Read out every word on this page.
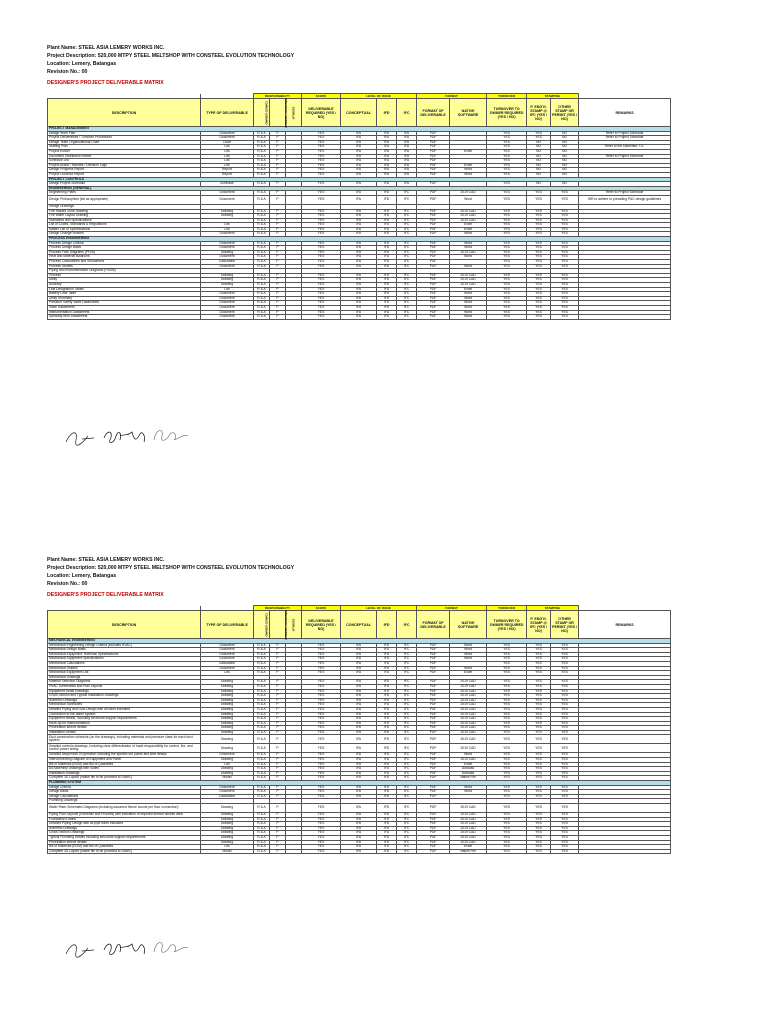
Plant Name: STEEL ASIA LEMERY WORKS INC.
Project Description: 520,000 MTPY STEEL MELTSHOP WITH CONSTEEL EVOLUTION TECHNOLOGY
Location: Lemery, Batangas
Revision No.: 00
DESIGNER'S PROJECT DELIVERABLE MATRIX
		RESPONSIBILITY			SCOPE	LEVEL OF ISSUE			FORMAT		TURNOVER	STAMPING		
DESCRIPTION	TYPE OF DELIVERABLE	OWNER (SAWC)	WINNING DESIGNER	OTHERS	DELIVERABLE REQUIRED (YES / NO)	CONCEPTUAL	IFD	IFC	FORMAT OF DELIVERABLE	NATIVE SOFTWARE	TURNOVER TO OWNER REQUIRED (YES / NO)	P. ENG'G. STAMP @ IFC (YES / NO)	OTHER STAMP OR PERMIT (YES / NO)	REMARKS
PROJECT MANAGEMENT														
Design Work Plan	Document	R & A	P		YES	IFA	IFA	IFA	PDF		YES	YES	NO	Refer to Project Schedule
Project Deliverables / Turnover Procedures	Document	R & A	P		YES	IFA	IFA	IFA	PDF		YES	YES	NO	Refer to Project Schedule
Design Team Organizational Chart	Chart	R & A	P		YES	IFA	IFA	IFA	PDF		YES	NO	NO	
Staffing Plan	List	R & A	P		YES	IFA	IFA	IFA	PDF		YES	NO	NO	Refer to the submitted T.O.
Project Roster	List	R & A	P		YES	IFA	IFA	IFA	PDF	Excel	YES	NO	NO	
Document Distribution Matrix	List	R & A	P		YES	IFA	IFA	IFA	PDF		YES	NO	NO	Refer to Project Schedule
Schedule List	List	R & A	P		YES	IFA	IFA	IFA	PDF		YES	NO	NO	
Project Action / Minutes / Decision Logs	List	R & A	P		YES	IFA	IFA	IFA	PDF	Excel	YES	NO	NO	
Design Progress Report	Report	R & A	P		YES	IFA	IFA	IFA	PDF	Word	YES	NO	NO	
Project Closeout Report	Report	R & A	P		YES	IFA	IFA	IFA	PDF	Word	YES	NO	NO	
PROJECT CONTROLS														
Design Project Schedule	Schedule	R & A	P		YES	IFA	IFA	IFA	PDF		YES	NO	NO	
ENGINEERING (GENERAL)														
Engineering Plans	Document	R & A	P		YES	IFA	IFD	IFC	PDF	2019 CAD	YES	YES	YES	Refer to Project Schedule
Design Philosophies (list as appropriate)	Document	R & A	P		YES	IFA	IFD	IFC	PDF	Word	YES	YES	YES	WR to adhere to prevailing P&C design guidelines
Design Drawings														
Fire Hazard Zone Drawing	Drawing	R & A	P		YES	IFA	IFD	IFC	PDF	2019 CAD	YES	YES	YES	
Fire Water Layout Drawing	Drawing	R & A	P		YES	IFA	IFD	IFC	PDF	2019 CAD	YES	YES	YES	
Standards and Specifications		R & A	P		YES	IFA	IFD	IFC	PDF	2019 CAD	YES	YES	YES	
List of Codes, Standards & Regulations	List	R & A	P		YES	IFA	IFD	IFC	PDF	Excel	YES	YES	YES	
Master List of Specifications	List	R & A	P		YES	IFA	IFD	IFC	PDF	Excel	YES	YES	YES	
Design Change Notices	Document	R & A	P		YES	IFA	IFD	IFC	PDF	Word	YES	YES	YES	
PROCESS ENGINEERING														
Process Design Criteria	Document	R & A	P		YES	IFA	IFD	IFC	PDF	Word	YES	YES	YES	
Process Design Basis	Document	R & A	P		YES	IFA	IFD	IFC	PDF	Word	YES	YES	YES	
Process Flow Diagrams (PFDs)	Drawing	R & A	P		YES	IFA	IFD	IFC	PDF	2019 CAD	YES	YES	YES	
Heat and Material Balances	Document	R & A	P		YES	IFA	IFD	IFC	PDF	Word	YES	YES	YES	
Process Calculations and Simulations	Calculation	R & A	P		YES	IFA	IFD	IFC	PDF		YES	YES	YES	
Process Studies	Document	R & A	P		YES	IFA	IFD	IFC	PDF	Word	YES	YES	YES	
Piping and Instrumentation Diagrams (P&IDs)														
Process	Drawing	R & A	P		YES	IFA	IFD	IFC	PDF	2019 CAD	YES	YES	YES	
Utility	Drawing	R & A	P		YES	IFA	IFD	IFC	PDF	2019 CAD	YES	YES	YES	
Auxiliary	Drawing	R & A	P		YES	IFA	IFD	IFC	PDF	2019 CAD	YES	YES	YES	
Line Designation Tables	List	R & A	P		YES	IFA	IFD	IFC	PDF	Excel	YES	YES	YES	
Battery Limit Table	Document	R & A	P		YES	IFA	IFD	IFC	PDF	Word	YES	YES	YES	
Utility Summary	Document	R & A	P		YES	IFA	IFD	IFC	PDF	Word	YES	YES	YES	
Pressure Safety Valve Datasheets	Document	R & A	P		YES	IFA	IFD	IFC	PDF	Word	YES	YES	YES	
Valve Datasheets	Document	R & A	P		YES	IFA	IFD	IFC	PDF	Word	YES	YES	YES	
Instrumentation Datasheets	Document	R & A	P		YES	IFA	IFD	IFC	PDF	Word	YES	YES	YES	
Specialty Item Datasheets	Document	R & A	P		YES	IFA	IFD	IFC	PDF	Word	YES	YES	YES	
Plant Name: STEEL ASIA LEMERY WORKS INC.
Project Description: 520,000 MTPY STEEL MELTSHOP WITH CONSTEEL EVOLUTION TECHNOLOGY
Location: Lemery, Batangas
Revision No.: 00
DESIGNER'S PROJECT DELIVERABLE MATRIX
		RESPONSIBILITY			SCOPE	LEVEL OF ISSUE			FORMAT		TURNOVER	STAMPING		
DESCRIPTION	TYPE OF DELIVERABLE	OWNER (SAWC)	WINNING DESIGNER	OTHERS	DELIVERABLE REQUIRED (YES / NO)	CONCEPTUAL	IFD	IFC	FORMAT OF DELIVERABLE	NATIVE SOFTWARE	TURNOVER TO OWNER REQUIRED (YES / NO)	P. ENG'G. STAMP @ IFC (YES / NO)	OTHER STAMP OR PERMIT (YES / NO)	REMARKS
MECHANICAL ENGINEERING														
Mechanical Engineering Design Criteria (includes HVAC)	Document	R & A	P		YES	IFA	IFD	IFC	PDF	Word	YES	YES	YES	
Mechanical Design Basis	Document	R & A	P		YES	IFA	IFD	IFC	PDF	Word	YES	YES	YES	
Mechanical Equipment Technical Specifications	Document	R & A	P		YES	IFA	IFD	IFC	PDF	Word	YES	YES	YES	
Mechanical Equipment Specifications	Document	R & A	P		YES	IFA	IFD	IFC	PDF	Word	YES	YES	YES	
Mechanical Calculations	Calculation	R & A	P		YES	IFA	IFD	IFC	PDF		YES	YES	YES	
Mechanical Studies	Document	R & A	P		YES	IFA	IFD	IFC	PDF	Word	YES	YES	YES	
Mechanical Equipment List	List	R & A	P		YES	IFA	IFD	IFC	PDF	Excel	YES	YES	YES	
Mechanical Drawings														
Material Selection Diagrams	Drawing	R & A	P		YES	IFA	IFD	IFC	PDF	2019 CAD	YES	YES	YES	
HVAC Schematics and Plan Layouts	Drawing	R & A	P		YES	IFA	IFD	IFC	PDF	2019 CAD	YES	YES	YES	
Equipment Detail Drawings	Drawing	R & A	P		YES	IFA	IFD	IFC	PDF	2019 CAD	YES	YES	YES	
Cross Section and Typical Installation Drawings	Drawing	R & A	P		YES	IFA	IFD	IFC	PDF	2019 CAD	YES	YES	YES	
Isometric Drawings	Drawing	R & A	P		YES	IFA	IFD	IFC	PDF	2019 CAD	YES	YES	YES	
Mechanical Schedules	Drawing	R & A	P		YES	IFA	IFD	IFC	PDF	2019 CAD	YES	YES	YES	
Detailed Piping and Duct Design with all sizes indicated	Drawing	R & A	P		YES	IFA	IFD	IFC	PDF	2019 CAD	YES	YES	YES	
Connection to fire alarm system	Drawing	R & A	P		YES	IFA	IFD	IFC	PDF	2019 CAD	YES	YES	YES	
Equipment details, including structural support requirements	Drawing	R & A	P		YES	IFA	IFD	IFC	PDF	2019 CAD	YES	YES	YES	
Hook-up for instrumentation	Drawing	R & A	P		YES	IFA	IFD	IFC	PDF	2019 CAD	YES	YES	YES	
Penetration sleeve details	Drawing	R & A	P		YES	IFA	IFD	IFC	PDF	2019 CAD	YES	YES	YES	
Installation Details	Drawing	R & A	P		YES	IFA	IFD	IFC	PDF	2019 CAD	YES	YES	YES	
Duct construction schedule (on the drawings), including materials and pressure class for each duct system	Drawing	R & A	P		YES	IFA	IFD	IFC	PDF	2019 CAD	YES	YES	YES	
Detailed controls drawings, including clear differentiation of trade responsibility for control, fire, and control power wiring	Drawing	R & A	P		YES	IFA	IFD	IFC	PDF	2019 CAD	YES	YES	YES	
Detailed sequences of operation including the specific set points and time delays	Document	R & A	P		YES	IFA	IFD	IFC	PDF	Word	YES	YES	YES	
Interconnecting Diagram of Equipment and Panel	Drawing	R & A	P		YES	IFA	IFD	IFC	PDF	2019 CAD	YES	YES	YES	
Bill of Materials (BOM) and Bill of Quantities	List	R & A	P		YES	IFA	IFD	IFC	PDF	Excel	YES	YES	YES	
All Assembly Drawings with Slides	Drawing	R & A	P		YES	IFA	IFD	IFC	PDF	Autocad	YES	YES	YES	
Installation Drawings	Drawing	R & A	P		YES	IFA	IFD	IFC	PDF	Autocad	YES	YES	YES	
Complete 3D Layout (native file to be provided to SAWC)	Model	R & A	P		YES	IFA	IFD	IFC	PDF	Native File	YES	YES	YES	
PLUMBING SYSTEM														
Design Criteria	Document	R & A	P		YES	IFA	IFD	IFC	PDF	Word	YES	YES	YES	
Design Basis	Document	R & A	P		YES	IFA	IFD	IFC	PDF	Word	YES	YES	YES	
Design Calculations	Calculation	R & A	P		YES	IFA	IFD	IFC	PDF		YES	YES	YES	
Plumbing Drawings														
Water Riser Schematic Diagrams (including assumed fixture counts per floor connection)	Drawing	R & A	P		YES	IFA	IFD	IFC	PDF	2019 CAD	YES	YES	YES	
Piping Plan Layouts (Domestic and Process) with indication of required service access area	Drawing	R & A	P		YES	IFA	IFD	IFC	PDF	2019 CAD	YES	YES	YES	
Foundation Drains	Drawing	R & A	P		YES	IFA	IFD	IFC	PDF	2019 CAD	YES	YES	YES	
Detailed Piping Design with all pipe sizes indicated	Drawing	R & A	P		YES	IFA	IFD	IFC	PDF	2019 CAD	YES	YES	YES	
Isometric Drawings	Drawing	R & A	P		YES	IFA	IFD	IFC	PDF	2019 CAD	YES	YES	YES	
Cross Section Drawings	Drawing	R & A	P		YES	IFA	IFD	IFC	PDF	2019 CAD	YES	YES	YES	
Typical Plumbing Details including structural support requirements	Drawing	R & A	P		YES	IFA	IFD	IFC	PDF	2019 CAD	YES	YES	YES	
Penetration sleeve details	Drawing	R & A	P		YES	IFA	IFD	IFC	PDF	2019 CAD	YES	YES	YES	
Bill of Materials (BOM) and Bill of Quantities	List	R & A	P		YES	IFA	IFD	IFC	PDF	Excel	YES	YES	YES	
Complete 3D Layout (native file to be provided to SAWC)	Model	R & A	P		YES	IFA	IFD	IFC	PDF	Native File	YES	YES	YES	
